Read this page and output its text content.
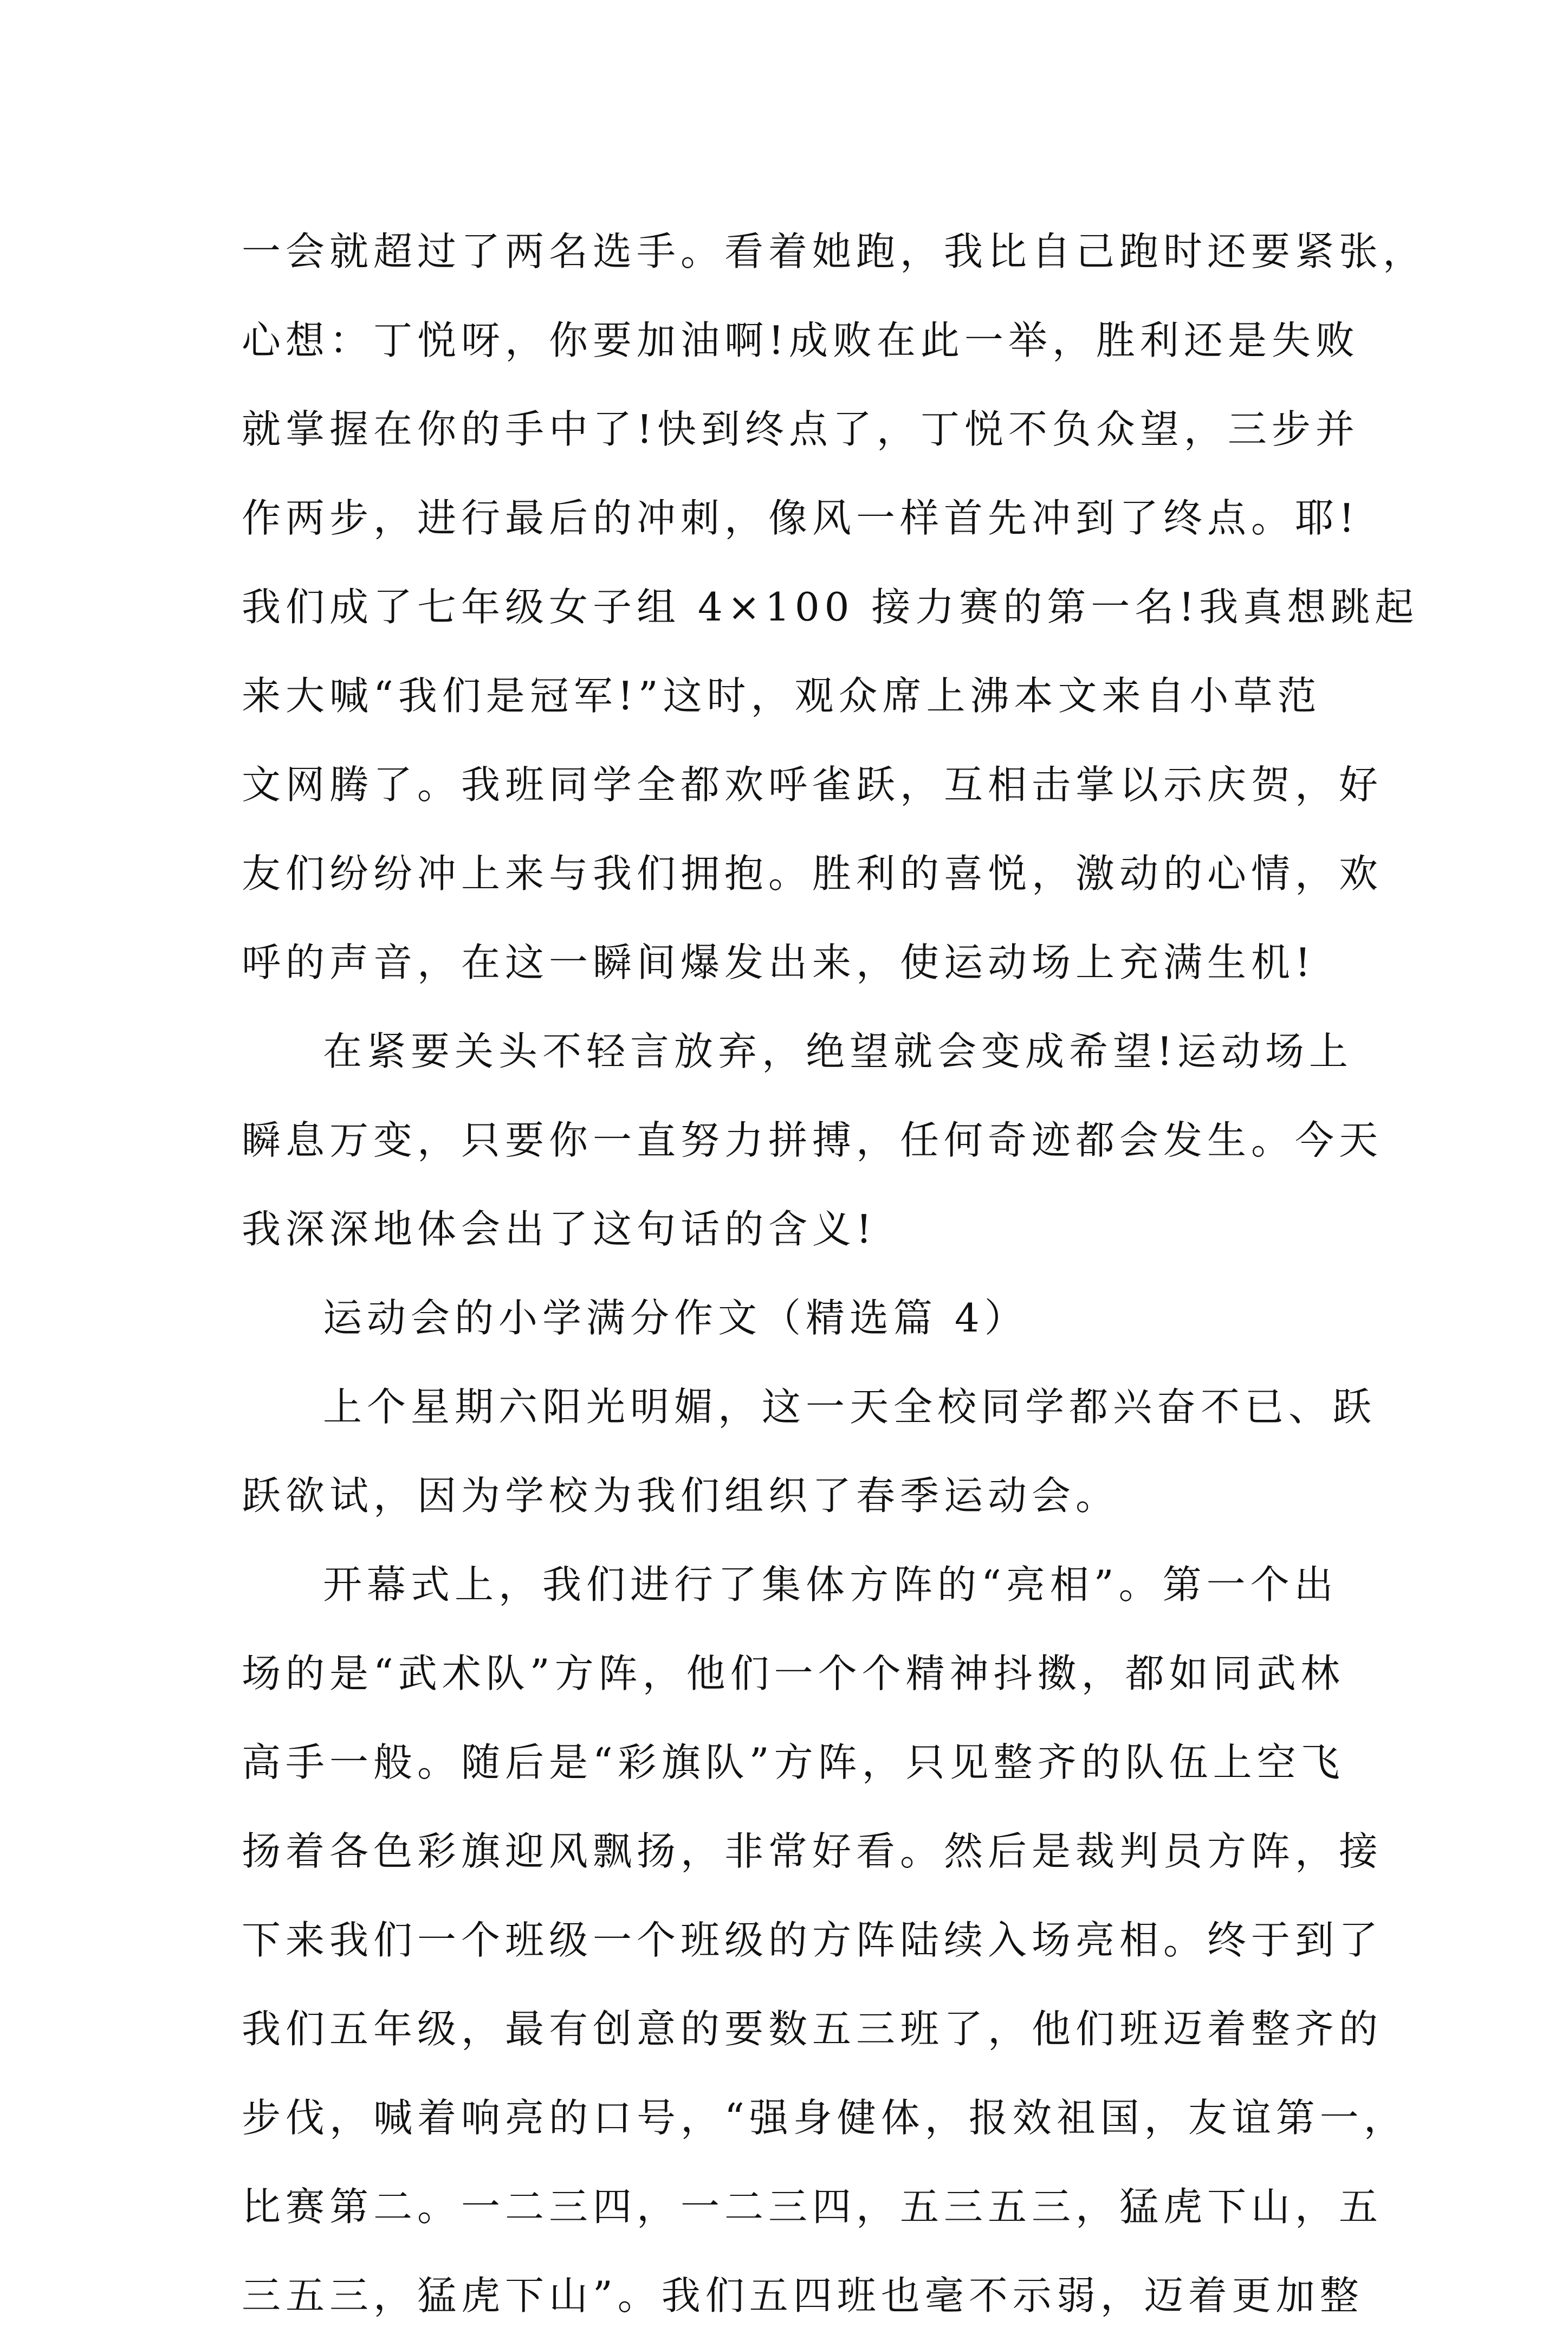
一会就超过了两名选手。看着她跑，我比自己跑时还要紧张，
心想：丁悦呀，你要加油啊!成败在此一举，胜利还是失败
就掌握在你的手中了!快到终点了，丁悦不负众望，三步并
作两步，进行最后的冲刺，像风一样首先冲到了终点。耶!
我们成了七年级女子组 4×100 接力赛的第一名!我真想跳起
来大喊“我们是冠军!”这时，观众席上沸本文来自小草范
文网腾了。我班同学全都欢呼雀跃，互相击掌以示庆贺，好
友们纷纷冲上来与我们拥抱。胜利的喜悦，激动的心情，欢
呼的声音，在这一瞬间爆发出来，使运动场上充满生机!
在紧要关头不轻言放弃，绝望就会变成希望!运动场上
瞬息万变，只要你一直努力拼搏，任何奇迹都会发生。今天
我深深地体会出了这句话的含义!
运动会的小学满分作文（精选篇 4）
上个星期六阳光明媚，这一天全校同学都兴奋不已、跃
跃欲试，因为学校为我们组织了春季运动会。
开幕式上，我们进行了集体方阵的“亮相”。第一个出
场的是“武术队”方阵，他们一个个精神抖擞，都如同武林
高手一般。随后是“彩旗队”方阵，只见整齐的队伍上空飞
扬着各色彩旗迎风飘扬，非常好看。然后是裁判员方阵，接
下来我们一个班级一个班级的方阵陆续入场亮相。终于到了
我们五年级，最有创意的要数五三班了，他们班迈着整齐的
步伐，喊着响亮的口号，“强身健体，报效祖国，友谊第一，
比赛第二。一二三四，一二三四，五三五三，猛虎下山，五
三五三，猛虎下山”。我们五四班也毫不示弱，迈着更加整
